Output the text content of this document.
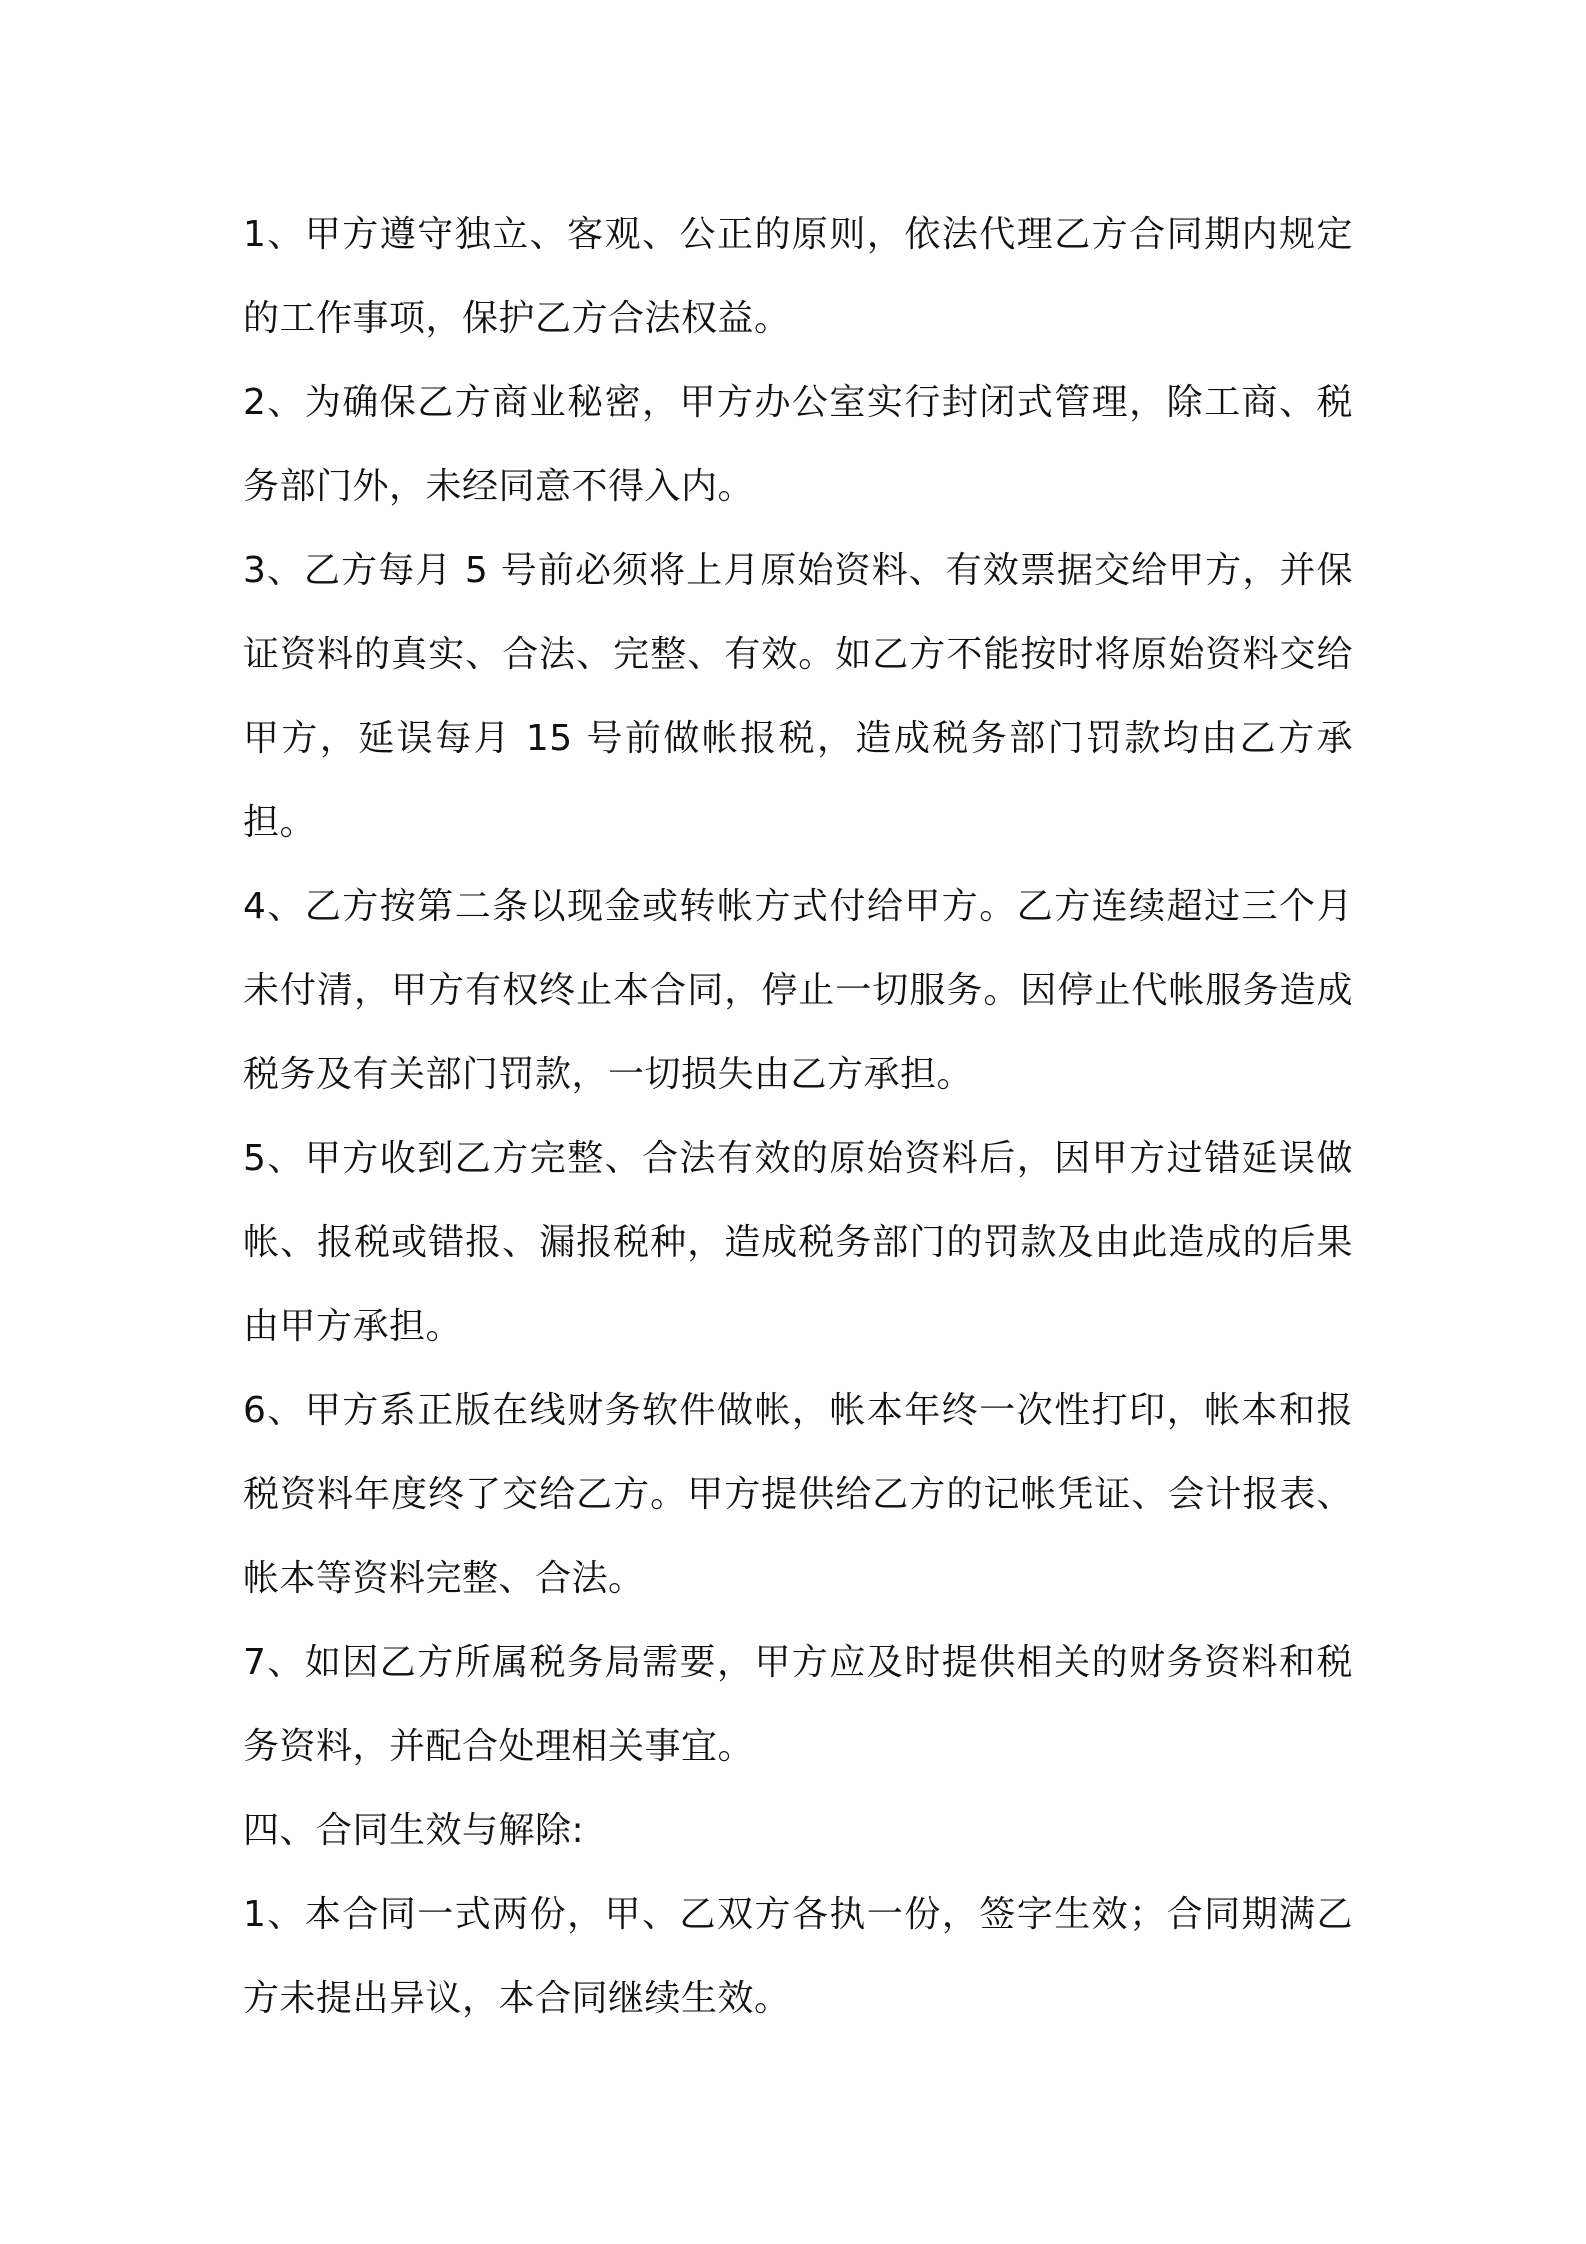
1、甲方遵守独立、客观、公正的原则，依法代理乙方合同期内规定的工作事项，保护乙方合法权益。

2、为确保乙方商业秘密，甲方办公室实行封闭式管理，除工商、税务部门外，未经同意不得入内。

3、乙方每月 5 号前必须将上月原始资料、有效票据交给甲方，并保证资料的真实、合法、完整、有效。如乙方不能按时将原始资料交给甲方，延误每月 15 号前做帐报税，造成税务部门罚款均由乙方承担。

4、乙方按第二条以现金或转帐方式付给甲方。乙方连续超过三个月未付清，甲方有权终止本合同，停止一切服务。因停止代帐服务造成税务及有关部门罚款，一切损失由乙方承担。

5、甲方收到乙方完整、合法有效的原始资料后，因甲方过错延误做帐、报税或错报、漏报税种，造成税务部门的罚款及由此造成的后果由甲方承担。

6、甲方系正版在线财务软件做帐，帐本年终一次性打印，帐本和报税资料年度终了交给乙方。甲方提供给乙方的记帐凭证、会计报表、帐本等资料完整、合法。

7、如因乙方所属税务局需要，甲方应及时提供相关的财务资料和税务资料，并配合处理相关事宜。

四、合同生效与解除:

1、本合同一式两份，甲、乙双方各执一份，签字生效；合同期满乙方未提出异议，本合同继续生效。
